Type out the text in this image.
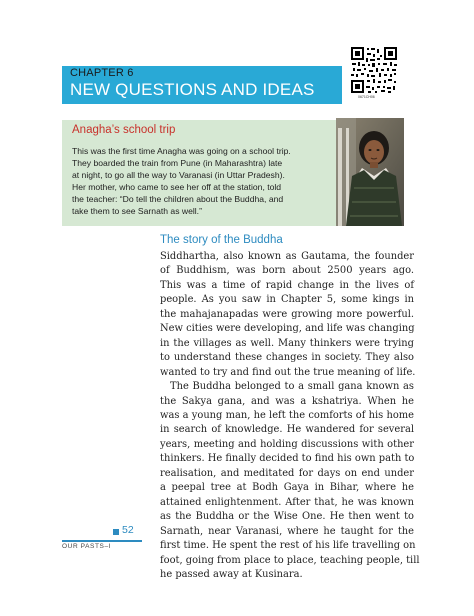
CHAPTER 6
NEW QUESTIONS AND IDEAS	0671CH06
Anagha’s school trip
This was the first time Anagha was going on a school trip.
They boarded the train from Pune (in Maharashtra) late
at night, to go all the way to Varanasi (in Uttar Pradesh).
Her mother, who came to see her off at the station, told
the teacher: “Do tell the children about the Buddha, and
take them to see Sarnath as well.”
The story of the Buddha

Siddhartha, also known as Gautama, the founder
of Buddhism, was born about 2500 years ago.
This was a time of rapid change in the lives of
people. As you saw in Chapter 5, some kings in
the mahajanapadas were growing more powerful.
New cities were developing, and life was changing
in the villages as well. Many thinkers were trying
to understand these changes in society. They also
wanted to try and find out the true meaning of life.

The Buddha belonged to a small gana known as
the Sakya gana, and was a kshatriya. When he
was a young man, he left the comforts of his home
in search of knowledge. He wandered for several
years, meeting and holding discussions with other
thinkers. He finally decided to find his own path to
realisation, and meditated for days on end under
a peepal tree at Bodh Gaya in Bihar, where he
attained enlightenment. After that, he was known
as the Buddha or the Wise One. He then went to
Sarnath, near Varanasi, where he taught for the
first time. He spent the rest of his life travelling on
foot, going from place to place, teaching people, till
he passed away at Kusinara.

52
OUR PASTS–I
